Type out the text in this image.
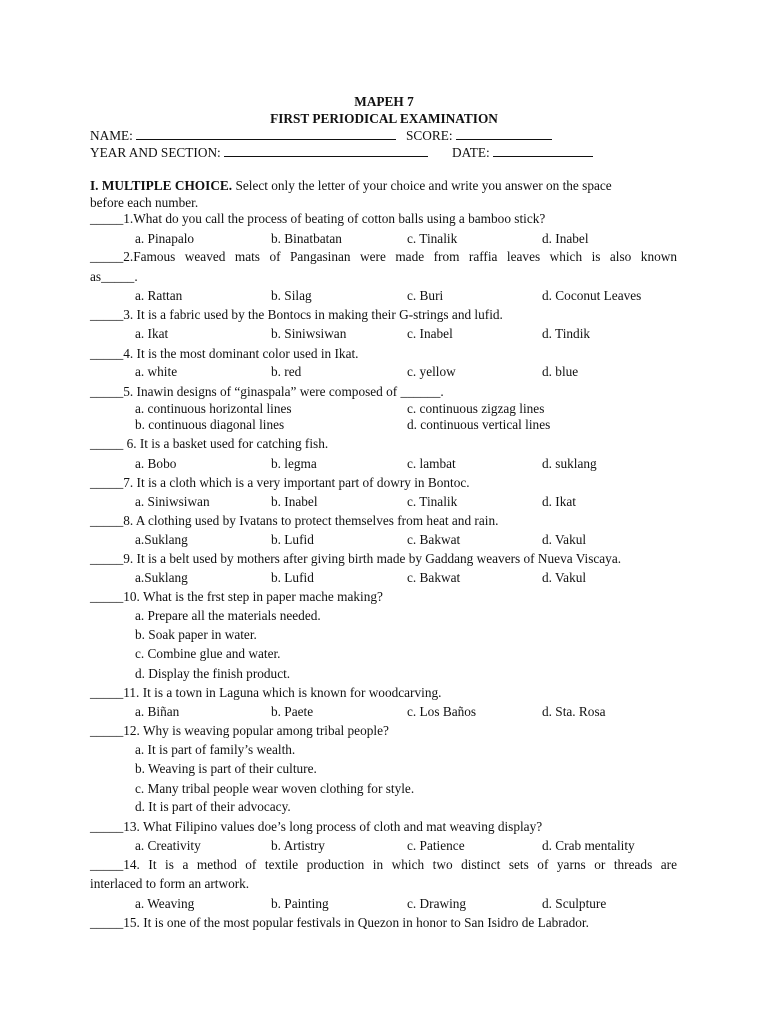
MAPEH 7
FIRST PERIODICAL EXAMINATION
NAME:	SCORE:
YEAR AND SECTION:	DATE:
I. MULTIPLE CHOICE. Select only the letter of your choice and write you answer on the space
before each number.
_____1.What do you call the process of beating of cotton balls using a bamboo stick?
a. Pinapalo	b. Binatbatan	c. Tinalik	d. Inabel
_____2.Famous weaved mats of Pangasinan were made from raffia leaves which is also known
as_____.
a. Rattan	b. Silag	c. Buri	d. Coconut Leaves
_____3. It is a fabric used by the Bontocs in making their G-strings and lufid.
a. Ikat	b. Siniwsiwan	c. Inabel	d. Tindik
_____4. It is the most dominant color used in Ikat.
a. white	b. red	c. yellow	d. blue
_____5. Inawin designs of “ginaspala” were composed of ______.
a. continuous horizontal lines	c. continuous zigzag lines
b. continuous diagonal lines	d. continuous vertical lines
_____ 6. It is a basket used for catching fish.
a. Bobo	b. legma	c. lambat	d. suklang
_____7. It is a cloth which is a very important part of dowry in Bontoc.
a. Siniwsiwan	b. Inabel	c. Tinalik	d. Ikat
_____8. A clothing used by Ivatans to protect themselves from heat and rain.
a.Suklang	b. Lufid	c. Bakwat	d. Vakul
_____9. It is a belt used by mothers after giving birth made by Gaddang weavers of Nueva Viscaya.
a.Suklang	b. Lufid	c. Bakwat	d. Vakul
_____10. What is the frst step in paper mache making?
a. Prepare all the materials needed.
b. Soak paper in water.
c. Combine glue and water.
d. Display the finish product.
_____11. It is a town in Laguna which is known for woodcarving.
a. Biñan	b. Paete	c. Los Baños	d. Sta. Rosa
_____12. Why is weaving popular among tribal people?
a. It is part of family’s wealth.
b. Weaving is part of their culture.
c. Many tribal people wear woven clothing for style.
d. It is part of their advocacy.
_____13. What Filipino values doe’s long process of cloth and mat weaving display?
a. Creativity	b. Artistry	c. Patience	d. Crab mentality
_____14. It is a method of textile production in which two distinct sets of yarns or threads are
interlaced to form an artwork.
a. Weaving	b. Painting	c. Drawing	d. Sculpture
_____15. It is one of the most popular festivals in Quezon in honor to San Isidro de Labrador.
